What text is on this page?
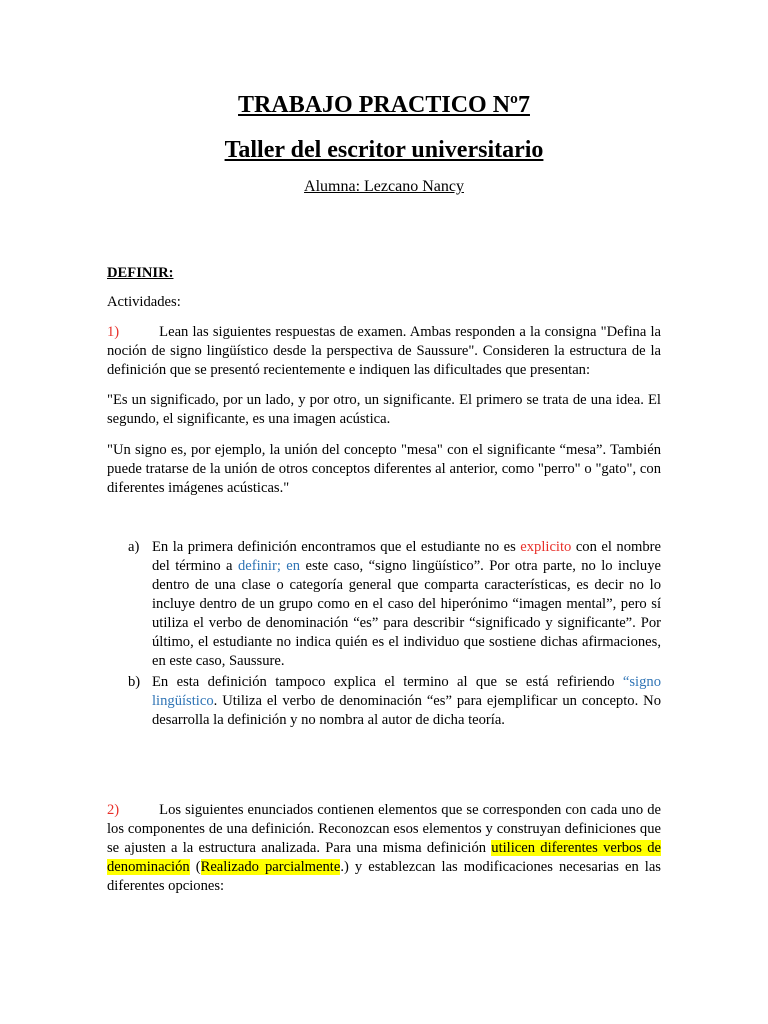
TRABAJO PRACTICO Nº7
Taller del escritor universitario
Alumna: Lezcano Nancy

DEFINIR:

Actividades:

1)	Lean las siguientes respuestas de examen. Ambas responden a la consigna "Defina la noción de signo lingüístico desde la perspectiva de Saussure". Consideren la estructura de la definición que se presentó recientemente e indiquen las dificultades que presentan:

"Es un significado, por un lado, y por otro, un significante. El primero se trata de una idea. El segundo, el significante, es una imagen acústica.

"Un signo es, por ejemplo, la unión del concepto "mesa" con el significante “mesa”. También puede tratarse de la unión de otros conceptos diferentes al anterior, como "perro" o "gato", con diferentes imágenes acústicas."

a) En la primera definición encontramos que el estudiante no es explicito con el nombre del término a definir; en este caso, “signo lingüístico”. Por otra parte, no lo incluye dentro de una clase o categoría general que comparta características, es decir no lo incluye dentro de un grupo como en el caso del hiperónimo “imagen mental”, pero sí utiliza el verbo de denominación “es” para describir “significado y significante”. Por último, el estudiante no indica quién es el individuo que sostiene dichas afirmaciones, en este caso, Saussure.

b) En esta definición tampoco explica el termino al que se está refiriendo “signo lingüístico. Utiliza el verbo de denominación “es” para ejemplificar un concepto. No desarrolla la definición y no nombra al autor de dicha teoría.

2)	Los siguientes enunciados contienen elementos que se corresponden con cada uno de los componentes de una definición. Reconozcan esos elementos y construyan definiciones que se ajusten a la estructura analizada. Para una misma definición utilicen diferentes verbos de denominación (Realizado parcialmente.) y establezcan las modificaciones necesarias en las diferentes opciones:
